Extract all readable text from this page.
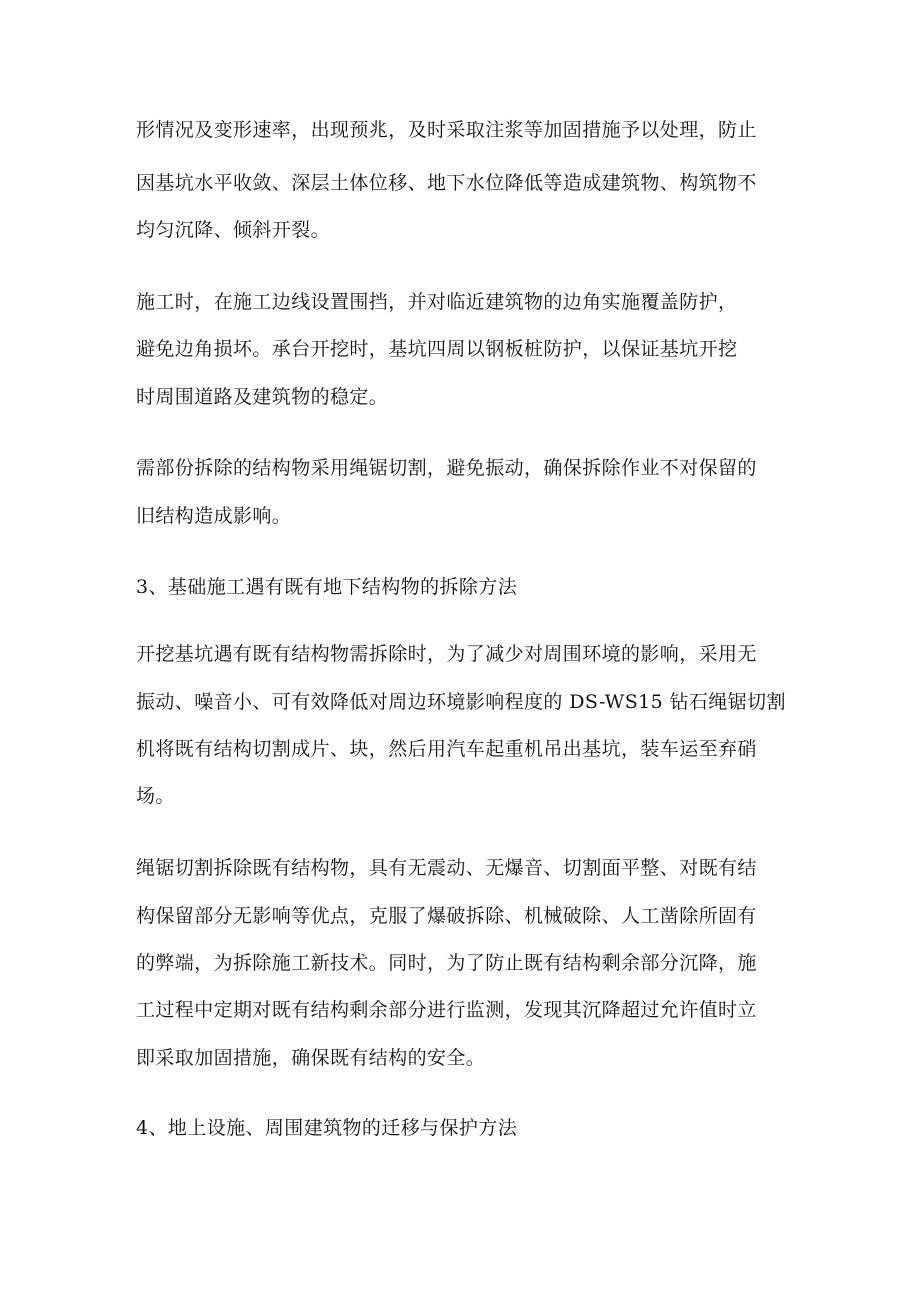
形情况及变形速率，出现预兆，及时采取注浆等加固措施予以处理，防止
因基坑水平收敛、深层土体位移、地下水位降低等造成建筑物、构筑物不
均匀沉降、倾斜开裂。
施工时，在施工边线设置围挡，并对临近建筑物的边角实施覆盖防护，
避免边角损坏。承台开挖时，基坑四周以钢板桩防护，以保证基坑开挖
时周围道路及建筑物的稳定。
需部份拆除的结构物采用绳锯切割，避免振动，确保拆除作业不对保留的
旧结构造成影响。
3、基础施工遇有既有地下结构物的拆除方法
开挖基坑遇有既有结构物需拆除时，为了减少对周围环境的影响，采用无
振动、噪音小、可有效降低对周边环境影响程度的 DS-WS15 钻石绳锯切割
机将既有结构切割成片、块，然后用汽车起重机吊出基坑，装车运至弃硝
场。
绳锯切割拆除既有结构物，具有无震动、无爆音、切割面平整、对既有结
构保留部分无影响等优点，克服了爆破拆除、机械破除、人工凿除所固有
的弊端，为拆除施工新技术。同时，为了防止既有结构剩余部分沉降，施
工过程中定期对既有结构剩余部分进行监测，发现其沉降超过允许值时立
即采取加固措施，确保既有结构的安全。
4、地上设施、周围建筑物的迁移与保护方法
